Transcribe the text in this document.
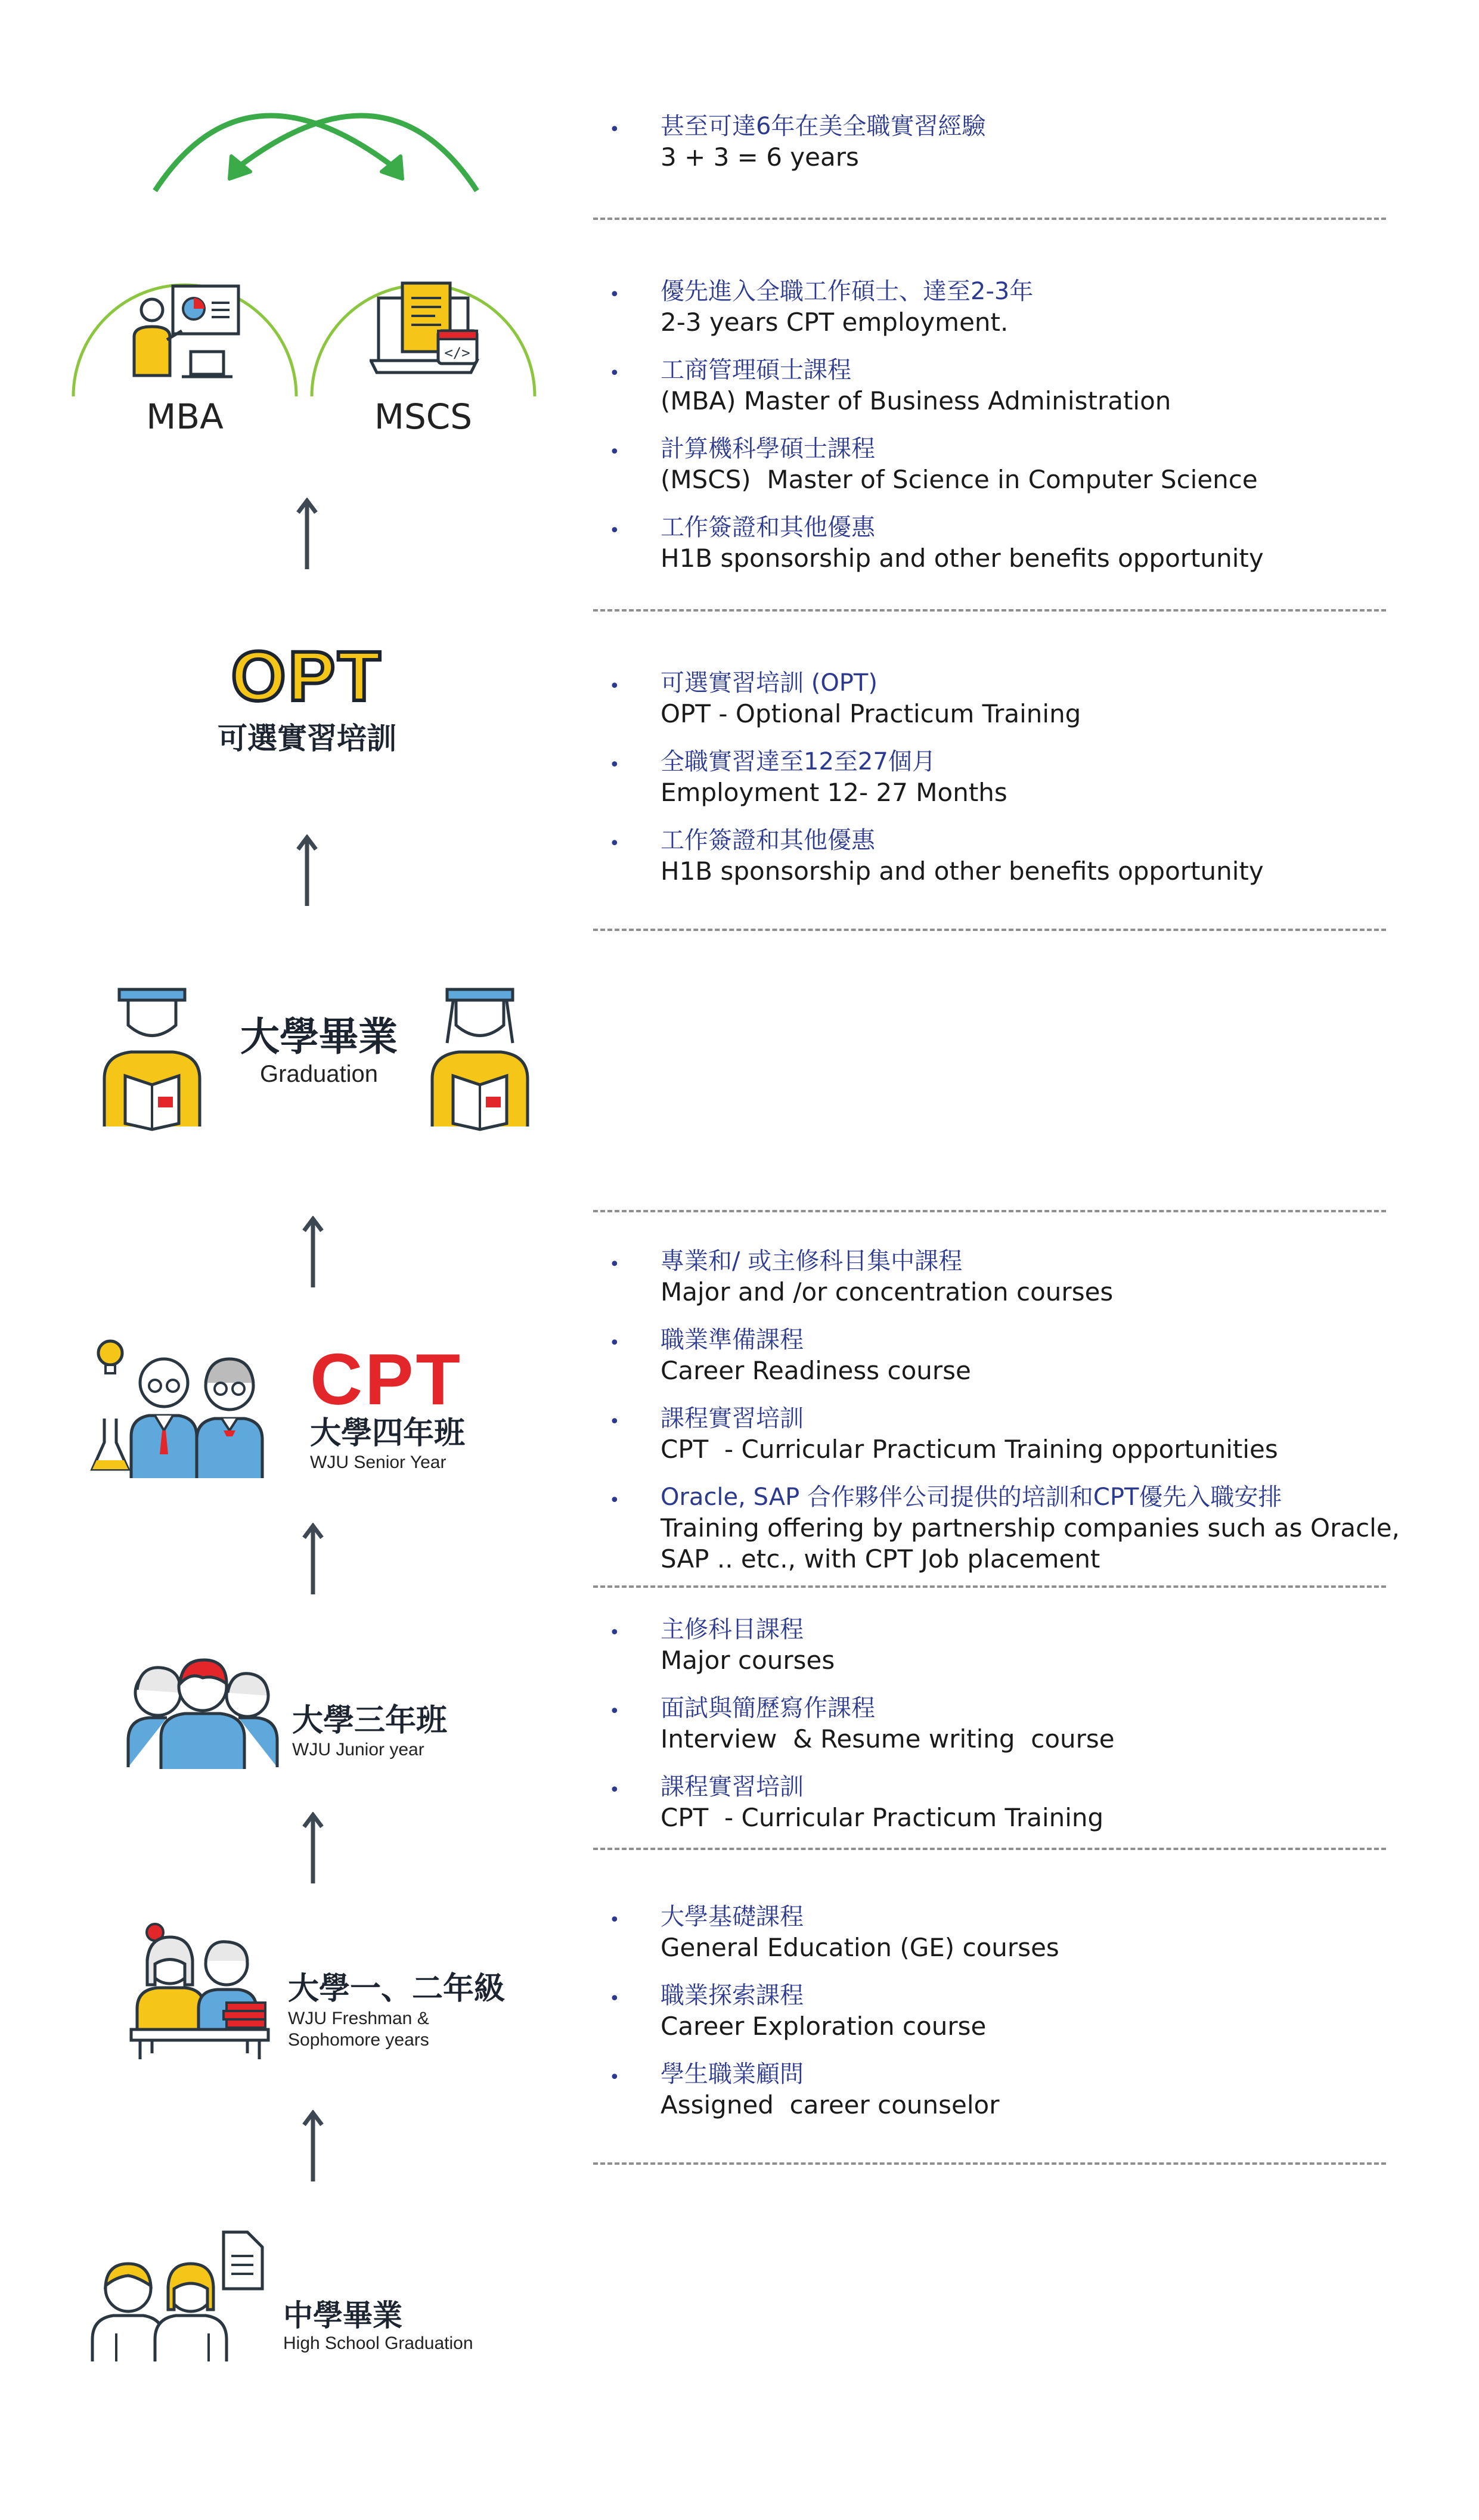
MBA
</>
MSCS
OPT
可選實習培訓
大學畢業
Graduation
CPT
大學四年班
WJU Senior Year
大學三年班
WJU Junior year
大學一、二年級
WJU Freshman &
Sophomore years
中學畢業
High School Graduation
• 甚至可達6年在美全職實習經驗
3 + 3 = 6 years
• 優先進入全職工作碩士、達至2-3年
2-3 years CPT employment.
• 工商管理碩士課程
(MBA) Master of Business Administration
• 計算機科學碩士課程
(MSCS)  Master of Science in Computer Science
• 工作簽證和其他優惠
H1B sponsorship and other benefits opportunity
• 可選實習培訓 (OPT)
OPT - Optional Practicum Training
• 全職實習達至12至27個月
Employment 12- 27 Months
• 工作簽證和其他優惠
H1B sponsorship and other benefits opportunity
• 專業和/ 或主修科目集中課程
Major and /or concentration courses
• 職業準備課程
Career Readiness course
• 課程實習培訓
CPT  - Curricular Practicum Training opportunities
• Oracle, SAP 合作夥伴公司提供的培訓和CPT優先入職安排
Training offering by partnership companies such as Oracle,
SAP .. etc., with CPT Job placement
• 主修科目課程
Major courses
• 面試與簡歷寫作課程
Interview  & Resume writing  course
• 課程實習培訓
CPT  - Curricular Practicum Training
• 大學基礎課程
General Education (GE) courses
• 職業探索課程
Career Exploration course
• 學生職業顧問
Assigned  career counselor
